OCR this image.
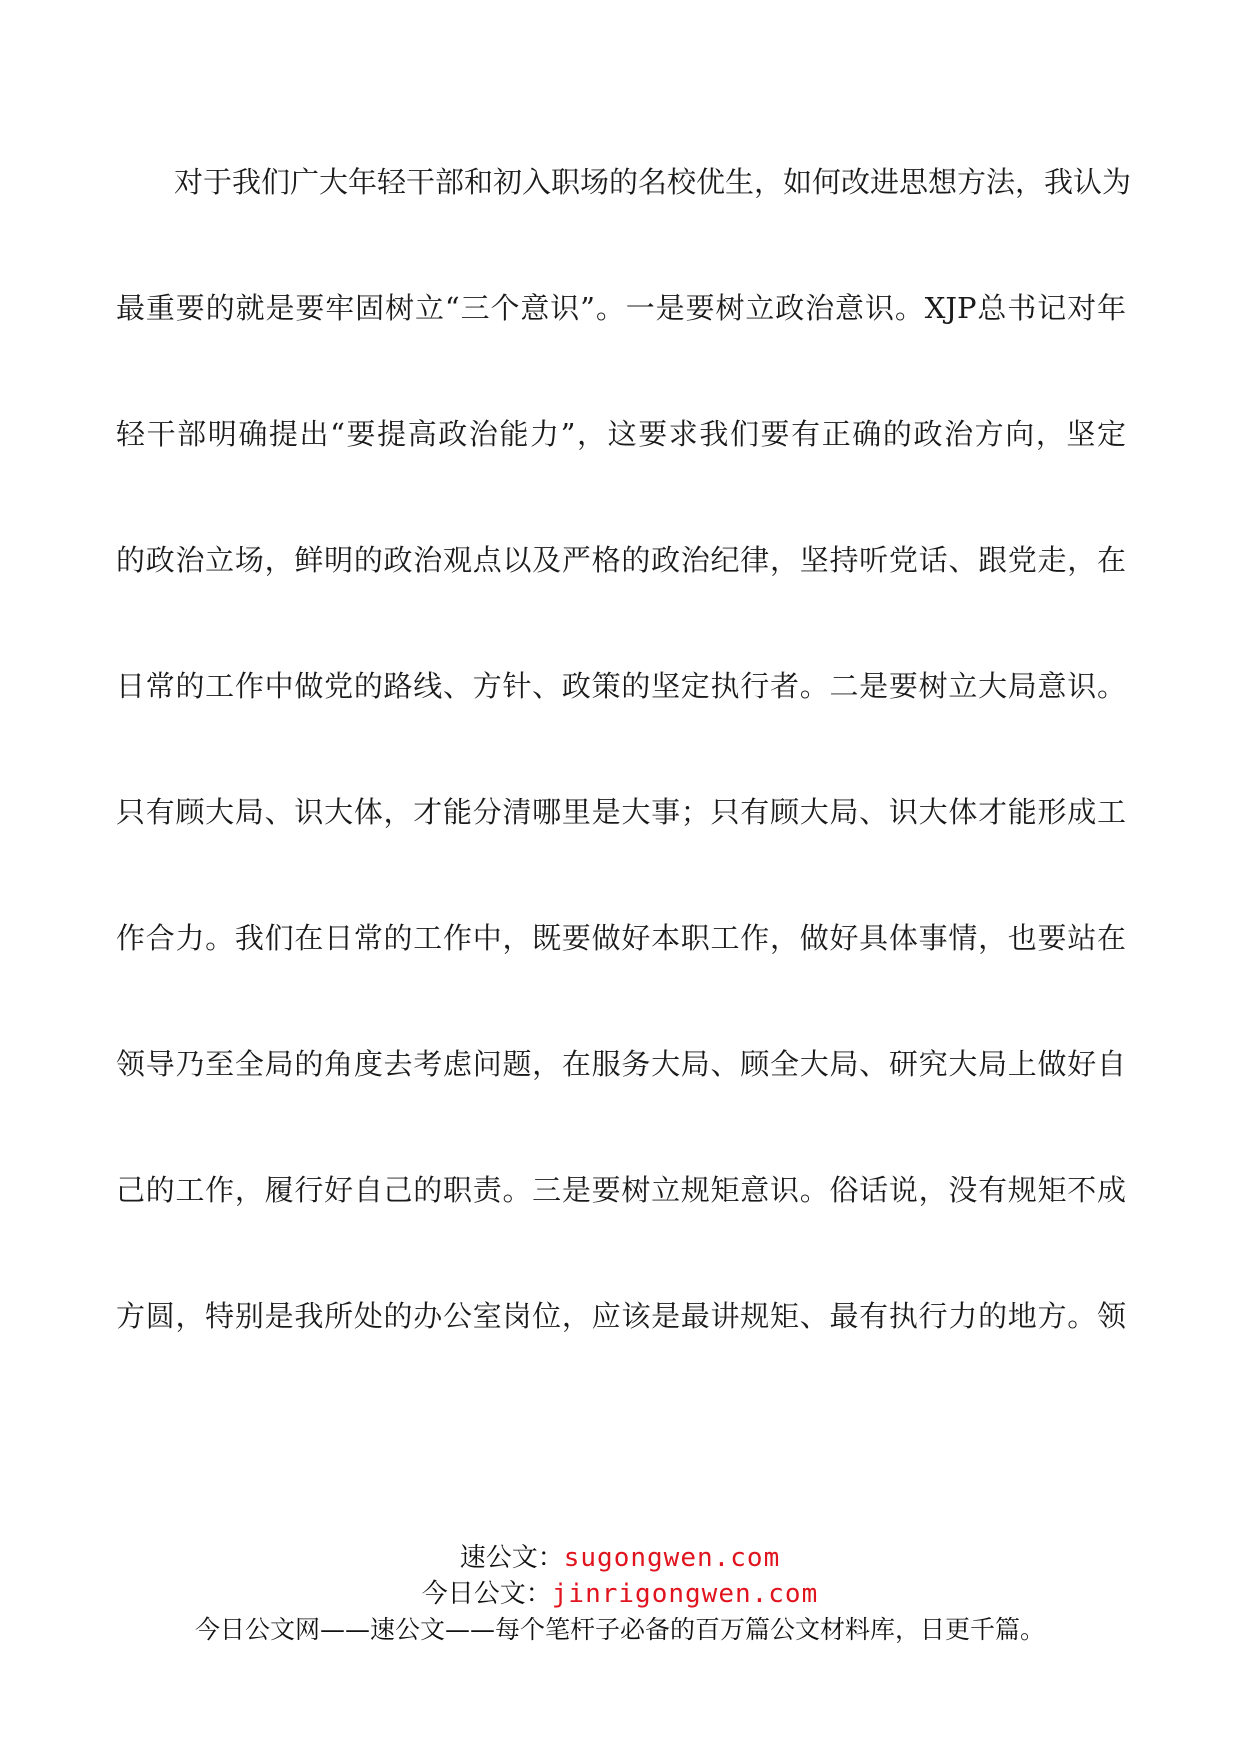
对于我们广大年轻干部和初入职场的名校优生，如何改进思想方法，我认为
最重要的就是要牢固树立“三个意识”。一是要树立政治意识。XJP总书记对年
轻干部明确提出“要提高政治能力”，这要求我们要有正确的政治方向，坚定
的政治立场，鲜明的政治观点以及严格的政治纪律，坚持听党话、跟党走，在
日常的工作中做党的路线、方针、政策的坚定执行者。二是要树立大局意识。
只有顾大局、识大体，才能分清哪里是大事；只有顾大局、识大体才能形成工
作合力。我们在日常的工作中，既要做好本职工作，做好具体事情，也要站在
领导乃至全局的角度去考虑问题，在服务大局、顾全大局、研究大局上做好自
己的工作，履行好自己的职责。三是要树立规矩意识。俗话说，没有规矩不成
方圆，特别是我所处的办公室岗位，应该是最讲规矩、最有执行力的地方。领
速公文：sugongwen.com
今日公文：jinrigongwen.com
今日公文网——速公文——每个笔杆子必备的百万篇公文材料库，日更千篇。
